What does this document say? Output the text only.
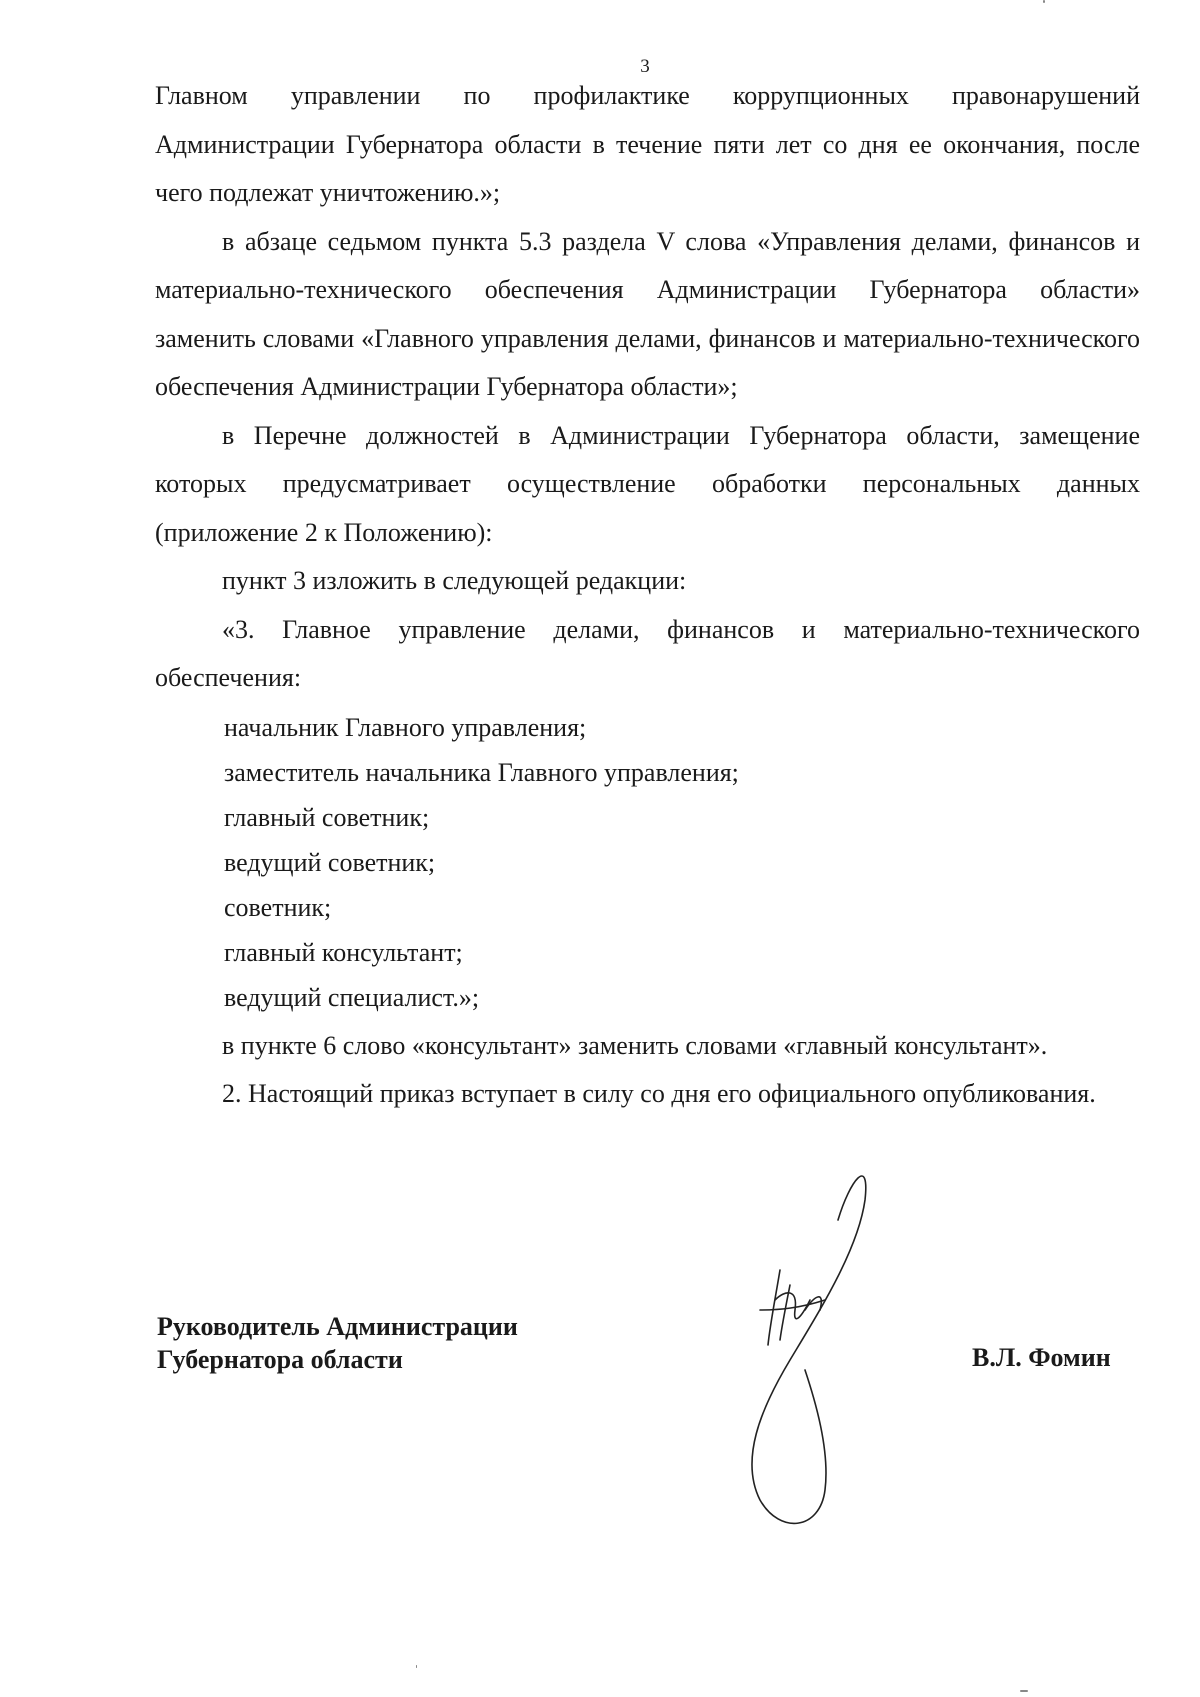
3

Главном управлении по профилактике коррупционных правонарушений Администрации Губернатора области в течение пяти лет со дня ее окончания, после чего подлежат уничтожению.»;

в абзаце седьмом пункта 5.3 раздела V слова «Управления делами, финансов и материально-технического обеспечения Администрации Губернатора области» заменить словами «Главного управления делами, финансов и материально-технического обеспечения Администрации Губернатора области»;

в Перечне должностей в Администрации Губернатора области, замещение которых предусматривает осуществление обработки персональных данных (приложение 2 к Положению):

пункт 3 изложить в следующей редакции:

«3. Главное управление делами, финансов и материально-технического обеспечения:

начальник Главного управления;
заместитель начальника Главного управления;
главный советник;
ведущий советник;
советник;
главный консультант;
ведущий специалист.»;

в пункте 6 слово «консультант» заменить словами «главный консультант».

2. Настоящий приказ вступает в силу со дня его официального опубликования.

Руководитель Администрации
Губернатора области	В.Л. Фомин
